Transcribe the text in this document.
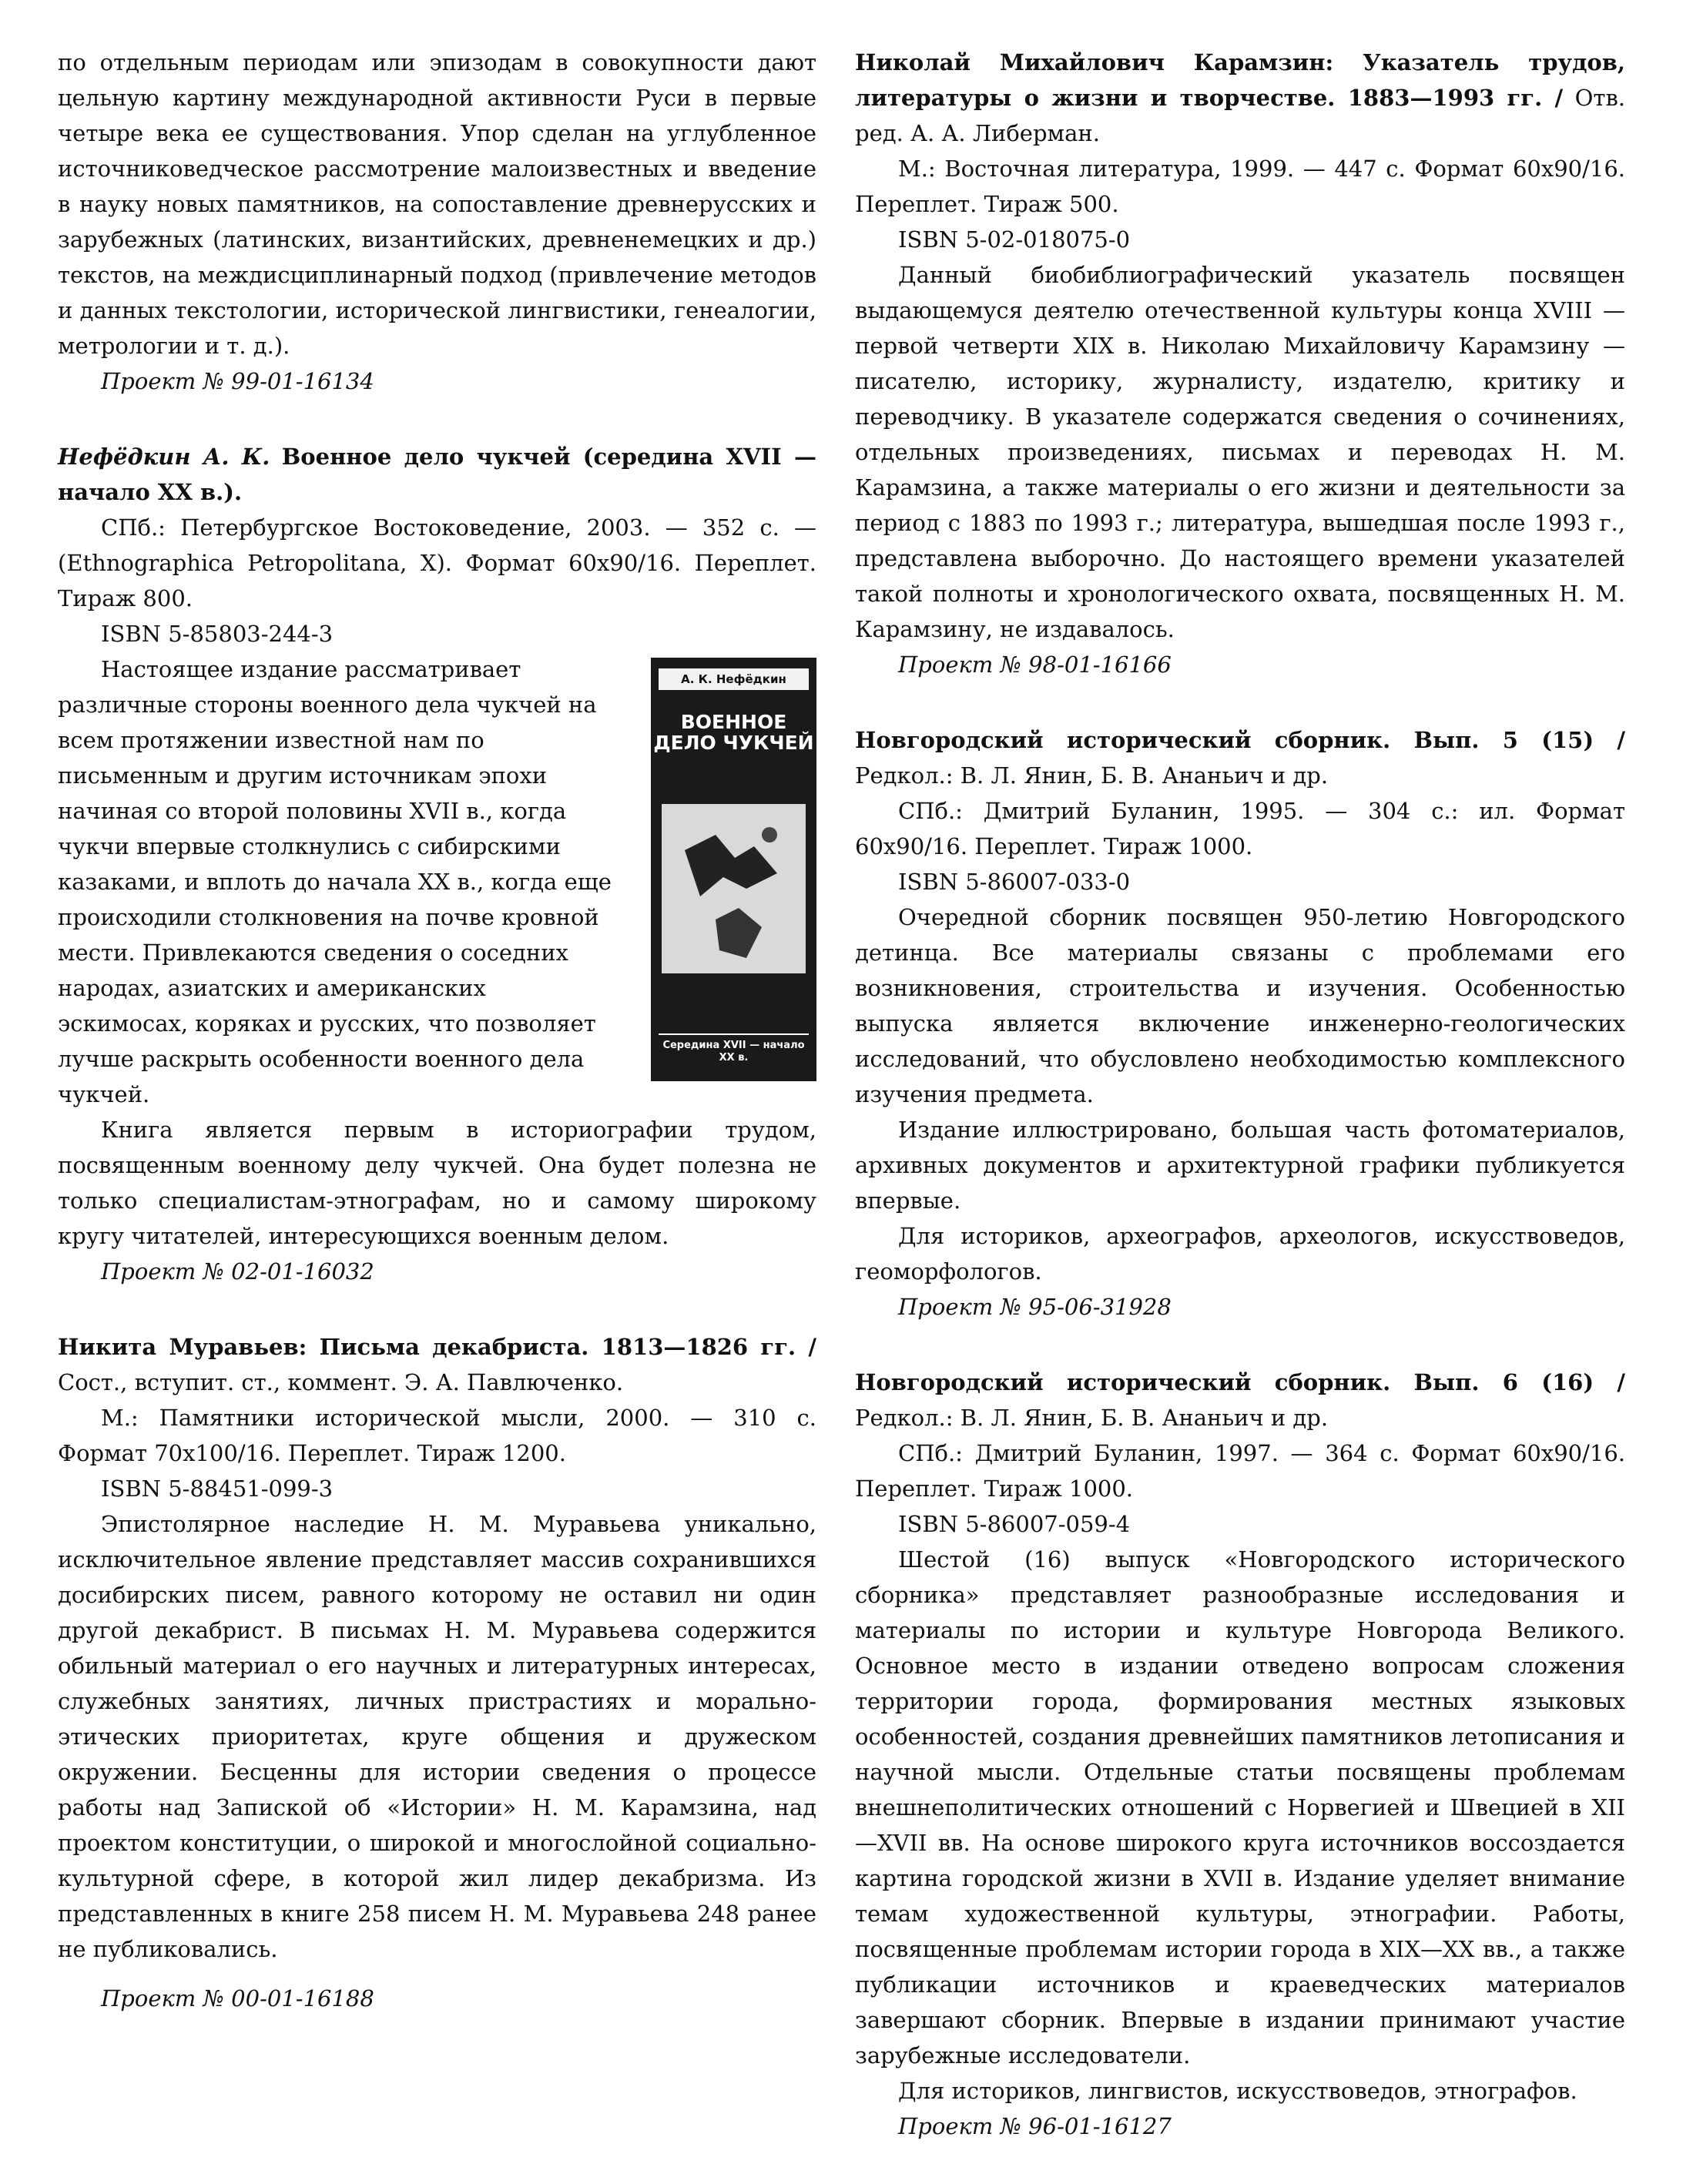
по отдельным периодам или эпизодам в совокупности дают цельную картину международной активности Руси в первые четыре века ее существования. Упор сделан на углубленное источниковедческое рассмотрение малоизвестных и введение в науку новых памятников, на сопоставление древнерусских и зарубежных (латинских, византийских, древненемецких и др.) текстов, на междисциплинарный подход (привлечение методов и данных текстологии, исторической лингвистики, генеалогии, метрологии и т. д.).

Проект № 99-01-16134
Нефёдкин А. К. Военное дело чукчей (середина XVII — начало XX в.).

СПб.: Петербургское Востоковедение, 2003. — 352 с. — (Ethnographica Petropolitana, X). Формат 60x90/16. Переплет. Тираж 800.

ISBN 5-85803-244-3

Настоящее издание рассматривает различные стороны военного дела чукчей на всем протяжении известной нам по письменным и другим источникам эпохи начиная со второй половины XVII в., когда чукчи впервые столкнулись с сибирскими казаками, и вплоть до начала XX в., когда еще происходили столкновения на почве кровной мести. Привлекаются сведения о соседних народах, азиатских и американских эскимосах, коряках и русских, что позволяет лучше раскрыть особенности военного дела чукчей.

А. К. Нефёдкин
ВОЕННОЕ ДЕЛО ЧУКЧЕЙ
Середина XVII — начало XX в.

Книга является первым в историографии трудом, посвященным военному делу чукчей. Она будет полезна не только специалистам-этнографам, но и самому широкому кругу читателей, интересующихся военным делом.

Проект № 02-01-16032
Никита Муравьев: Письма декабриста. 1813—1826 гг. / Сост., вступит. ст., коммент. Э. А. Павлюченко.

М.: Памятники исторической мысли, 2000. — 310 с. Формат 70x100/16. Переплет. Тираж 1200.

ISBN 5-88451-099-3

Эпистолярное наследие Н. М. Муравьева уникально, исключительное явление представляет массив сохранившихся досибирских писем, равного которому не оставил ни один другой декабрист. В письмах Н. М. Муравьева содержится обильный материал о его научных и литературных интересах, служебных занятиях, личных пристрастиях и морально-этических приоритетах, круге общения и дружеском окружении. Бесценны для истории сведения о процессе работы над Запиской об «Истории» Н. М. Карамзина, над проектом конституции, о широкой и многослойной социально-культурной сфере, в которой жил лидер декабризма. Из представленных в книге 258 писем Н. М. Муравьева 248 ранее не публиковались.

Проект № 00-01-16188
Николай Михайлович Карамзин: Указатель трудов, литературы о жизни и творчестве. 1883—1993 гг. / Отв. ред. А. А. Либерман.

М.: Восточная литература, 1999. — 447 с. Формат 60x90/16. Переплет. Тираж 500.

ISBN 5-02-018075-0

Данный биобиблиографический указатель посвящен выдающемуся деятелю отечественной культуры конца XVIII — первой четверти XIX в. Николаю Михайловичу Карамзину — писателю, историку, журналисту, издателю, критику и переводчику. В указателе содержатся сведения о сочинениях, отдельных произведениях, письмах и переводах Н. М. Карамзина, а также материалы о его жизни и деятельности за период с 1883 по 1993 г.; литература, вышедшая после 1993 г., представлена выборочно. До настоящего времени указателей такой полноты и хронологического охвата, посвященных Н. М. Карамзину, не издавалось.

Проект № 98-01-16166
Новгородский исторический сборник. Вып. 5 (15) / Редкол.: В. Л. Янин, Б. В. Ананьич и др.

СПб.: Дмитрий Буланин, 1995. — 304 с.: ил. Формат 60x90/16. Переплет. Тираж 1000.

ISBN 5-86007-033-0

Очередной сборник посвящен 950-летию Новгородского детинца. Все материалы связаны с проблемами его возникновения, строительства и изучения. Особенностью выпуска является включение инженерно-геологических исследований, что обусловлено необходимостью комплексного изучения предмета.

Издание иллюстрировано, большая часть фотоматериалов, архивных документов и архитектурной графики публикуется впервые.

Для историков, археографов, археологов, искусствоведов, геоморфологов.

Проект № 95-06-31928
Новгородский исторический сборник. Вып. 6 (16) / Редкол.: В. Л. Янин, Б. В. Ананьич и др.

СПб.: Дмитрий Буланин, 1997. — 364 с. Формат 60x90/16. Переплет. Тираж 1000.

ISBN 5-86007-059-4

Шестой (16) выпуск «Новгородского исторического сборника» представляет разнообразные исследования и материалы по истории и культуре Новгорода Великого. Основное место в издании отведено вопросам сложения территории города, формирования местных языковых особенностей, создания древнейших памятников летописания и научной мысли. Отдельные статьи посвящены проблемам внешнеполитических отношений с Норвегией и Швецией в XII—XVII вв. На основе широкого круга источников воссоздается картина городской жизни в XVII в. Издание уделяет внимание темам художественной культуры, этнографии. Работы, посвященные проблемам истории города в XIX—XX вв., а также публикации источников и краеведческих материалов завершают сборник. Впервые в издании принимают участие зарубежные исследователи.

Для историков, лингвистов, искусствоведов, этнографов.

Проект № 96-01-16127
